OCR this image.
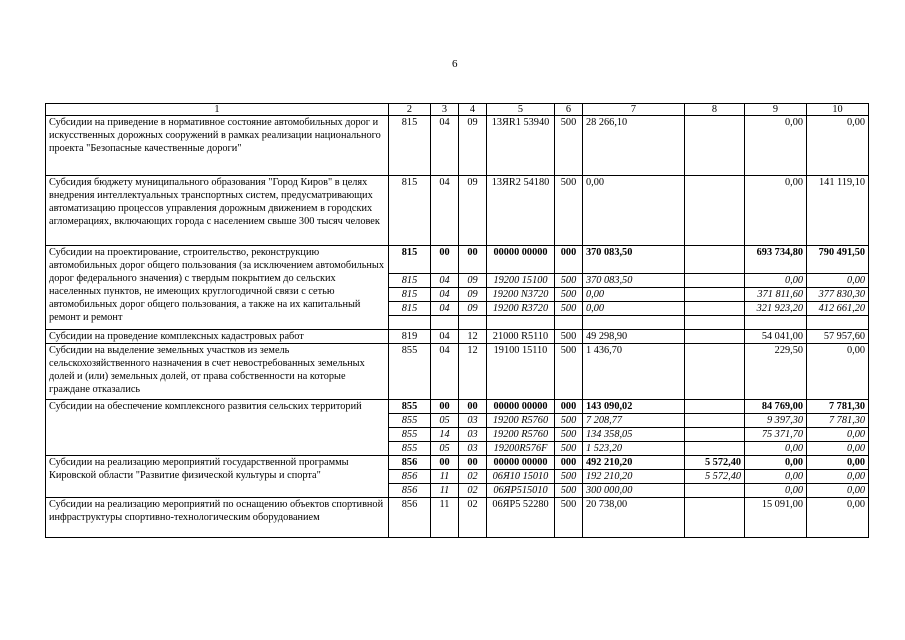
6
1	2	3	4	5	6	7	8	9	10
Субсидии на приведение в нормативное состояние автомобильных дорог и искусственных дорожных сооружений в рамках реализации национального проекта "Безопасные качественные дороги"	815	04	09	13ЯR1 53940	500	28 266,10		0,00	0,00
Субсидия бюджету муниципального образования "Город Киров" в целях внедрения интеллектуальных транспортных систем, предусматривающих автоматизацию процессов управления дорожным движением в городских агломерациях, включающих города с населением свыше 300 тысяч человек	815	04	09	13ЯR2 54180	500	0,00		0,00	141 119,10
Субсидии на проектирование, строительство, реконструкцию автомобильных дорог общего пользования (за исключением автомобильных дорог федерального значения) с твердым покрытием до сельских населенных пунктов, не имеющих круглогодичной связи с сетью автомобильных дорог общего пользования, а также на их капитальный ремонт и ремонт	815	00	00	00000 00000	000	370 083,50		693 734,80	790 491,50
	815	04	09	19200 15100	500	370 083,50		0,00	0,00
	815	04	09	19200 N3720	500	0,00		371 811,60	377 830,30
	815	04	09	19200 R3720	500	0,00		321 923,20	412 661,20

Субсидии на проведение комплексных кадастровых работ	819	04	12	21000 R5110	500	49 298,90		54 041,00	57 957,60
Субсидии на выделение земельных участков из земель сельскохозяйственного назначения в счет невостребованных земельных долей и (или) земельных долей, от права собственности на которые граждане отказались	855	04	12	19100 15110	500	1 436,70		229,50	0,00
Субсидии на обеспечение комплексного развития сельских территорий	855	00	00	00000 00000	000	143 090,02		84 769,00	7 781,30
	855	05	03	19200 R5760	500	7 208,77		9 397,30	7 781,30
	855	14	03	19200 R5760	500	134 358,05		75 371,70	0,00
	855	05	03	19200R576F	500	1 523,20		0,00	0,00
Субсидии на реализацию мероприятий государственной программы Кировской области "Развитие физической культуры и спорта"	856	00	00	00000 00000	000	492 210,20	5 572,40	0,00	0,00
	856	11	02	06Я10 15010	500	192 210,20	5 572,40	0,00	0,00
	856	11	02	06ЯP515010	500	300 000,00		0,00	0,00
Субсидии на реализацию мероприятий по оснащению объектов спортивной инфраструктуры спортивно-технологическим оборудованием	856	11	02	06ЯP5 52280	500	20 738,00		15 091,00	0,00
